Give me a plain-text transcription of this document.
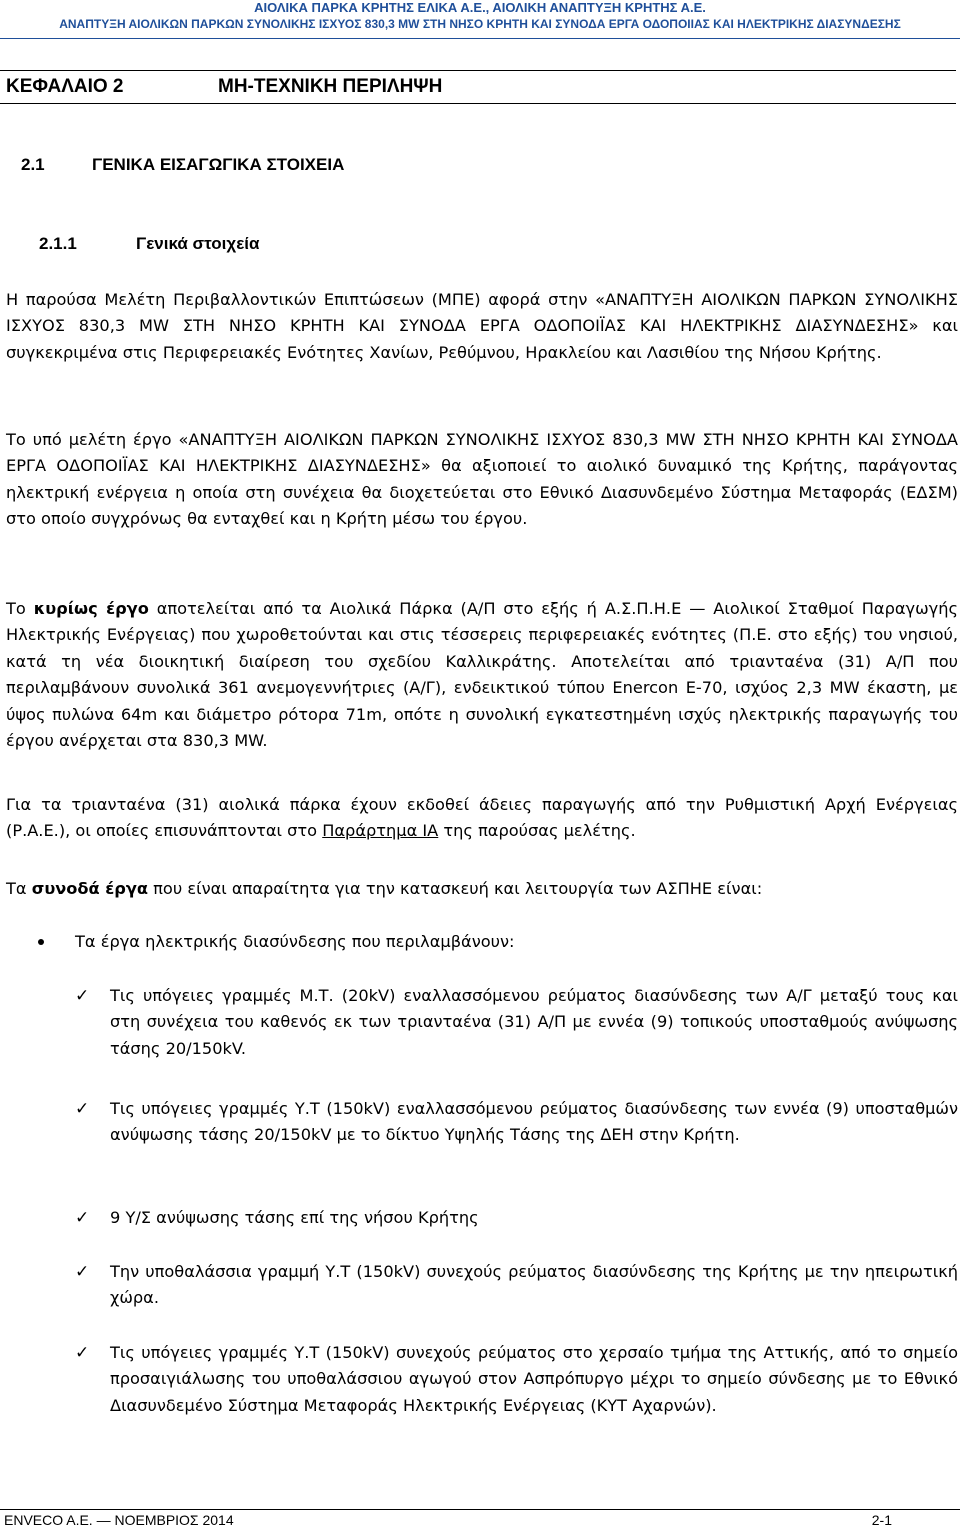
ΑΙΟΛΙΚΑ ΠΑΡΚΑ ΚΡΗΤΗΣ ΕΛΙΚΑ Α.Ε., ΑΙΟΛΙΚΗ ΑΝΑΠΤΥΞΗ ΚΡΗΤΗΣ Α.Ε.
ΑΝΑΠΤΥΞΗ ΑΙΟΛΙΚΩΝ ΠΑΡΚΩΝ ΣΥΝΟΛΙΚΗΣ ΙΣΧΥΟΣ 830,3 MW ΣΤΗ ΝΗΣΟ ΚΡΗΤΗ ΚΑΙ ΣΥΝΟΔΑ ΕΡΓΑ ΟΔΟΠΟΙΙΑΣ ΚΑΙ ΗΛΕΚΤΡΙΚΗΣ ΔΙΑΣΥΝΔΕΣΗΣ
ΚΕΦΑΛΑΙΟ 2	ΜΗ-ΤΕΧΝΙΚΗ ΠΕΡΙΛΗΨΗ
2.1	ΓΕΝΙΚΑ ΕΙΣΑΓΩΓΙΚΑ ΣΤΟΙΧΕΙΑ
2.1.1	Γενικά στοιχεία
Η παρούσα Μελέτη Περιβαλλοντικών Επιπτώσεων (ΜΠΕ) αφορά στην «ΑΝΑΠΤΥΞΗ ΑΙΟΛΙΚΩΝ ΠΑΡΚΩΝ ΣΥΝΟΛΙΚΗΣ ΙΣΧΥΟΣ 830,3 MW ΣΤΗ ΝΗΣΟ ΚΡΗΤΗ ΚΑΙ ΣΥΝΟΔΑ ΕΡΓΑ ΟΔΟΠΟΙΪΑΣ ΚΑΙ ΗΛΕΚΤΡΙΚΗΣ ΔΙΑΣΥΝΔΕΣΗΣ» και συγκεκριμένα στις Περιφερειακές Ενότητες Χανίων, Ρεθύμνου, Ηρακλείου και Λασιθίου της Νήσου Κρήτης.
Το υπό μελέτη έργο «ΑΝΑΠΤΥΞΗ ΑΙΟΛΙΚΩΝ ΠΑΡΚΩΝ ΣΥΝΟΛΙΚΗΣ ΙΣΧΥΟΣ 830,3 MW ΣΤΗ ΝΗΣΟ ΚΡΗΤΗ ΚΑΙ ΣΥΝΟΔΑ ΕΡΓΑ ΟΔΟΠΟΙΪΑΣ ΚΑΙ ΗΛΕΚΤΡΙΚΗΣ ΔΙΑΣΥΝΔΕΣΗΣ» θα αξιοποιεί το αιολικό δυναμικό της Κρήτης, παράγοντας ηλεκτρική ενέργεια η οποία στη συνέχεια θα διοχετεύεται στο Εθνικό Διασυνδεμένο Σύστημα Μεταφοράς (ΕΔΣΜ) στο οποίο συγχρόνως θα ενταχθεί και η Κρήτη μέσω του έργου.
Το κυρίως έργο αποτελείται από τα Αιολικά Πάρκα (Α/Π στο εξής ή Α.Σ.Π.Η.Ε — Αιολικοί Σταθμοί Παραγωγής Ηλεκτρικής Ενέργειας) που χωροθετούνται και στις τέσσερεις περιφερειακές ενότητες (Π.Ε. στο εξής) του νησιού, κατά τη νέα διοικητική διαίρεση του σχεδίου Καλλικράτης. Αποτελείται από τριανταένα (31) Α/Π που περιλαμβάνουν συνολικά 361 ανεμογεννήτριες (Α/Γ), ενδεικτικού τύπου Enercon E-70, ισχύος 2,3 MW έκαστη, με ύψος πυλώνα 64m και διάμετρο ρότορα 71m, οπότε η συνολική εγκατεστημένη ισχύς ηλεκτρικής παραγωγής του έργου ανέρχεται στα 830,3 MW.
Για τα τριανταένα (31) αιολικά πάρκα έχουν εκδοθεί άδειες παραγωγής από την Ρυθμιστική Αρχή Ενέργειας (Ρ.Α.Ε.), οι οποίες επισυνάπτονται στο Παράρτημα ΙΑ της παρούσας μελέτης.
Τα συνοδά έργα που είναι απαραίτητα για την κατασκευή και λειτουργία των ΑΣΠΗΕ είναι:
Τα έργα ηλεκτρικής διασύνδεσης που περιλαμβάνουν:
✓ Τις υπόγειες γραμμές Μ.Τ. (20kV) εναλλασσόμενου ρεύματος διασύνδεσης των Α/Γ μεταξύ τους και στη συνέχεια του καθενός εκ των τριανταένα (31) Α/Π με εννέα (9) τοπικούς υποσταθμούς ανύψωσης τάσης 20/150kV.
✓ Τις υπόγειες γραμμές Υ.Τ (150kV) εναλλασσόμενου ρεύματος διασύνδεσης των εννέα (9) υποσταθμών ανύψωσης τάσης 20/150kV με το δίκτυο Υψηλής Τάσης της ΔΕΗ στην Κρήτη.
✓ 9 Υ/Σ ανύψωσης τάσης επί της νήσου Κρήτης
✓ Την υποθαλάσσια γραμμή Υ.Τ (150kV) συνεχούς ρεύματος διασύνδεσης της Κρήτης με την ηπειρωτική χώρα.
✓ Τις υπόγειες γραμμές Υ.Τ (150kV) συνεχούς ρεύματος στο χερσαίο τμήμα της Αττικής, από το σημείο προσαιγιάλωσης του υποθαλάσσιου αγωγού στον Ασπρόπυργο μέχρι το σημείο σύνδεσης με το Εθνικό Διασυνδεμένο Σύστημα Μεταφοράς Ηλεκτρικής Ενέργειας (ΚΥΤ Αχαρνών).
ENVECO A.E. — ΝΟΕΜΒΡΙΟΣ 2014	2-1
